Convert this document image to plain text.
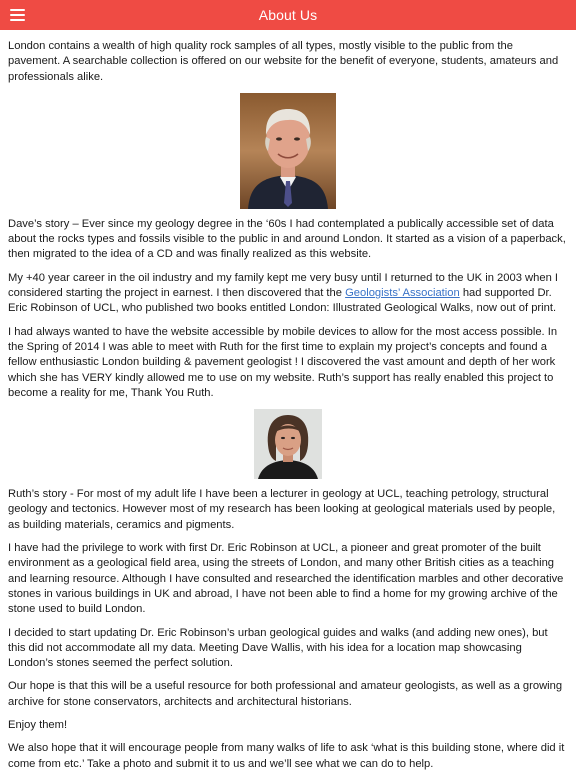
About Us

London contains a wealth of high quality rock samples of all types, mostly visible to the public from the pavement. A searchable collection is offered on our website for the benefit of everyone, students, amateurs and professionals alike.

Dave’s story – Ever since my geology degree in the ‘60s I had contemplated a publically accessible set of data about the rocks types and fossils visible to the public in and around London. It started as a vision of a paperback, then migrated to the idea of a CD and was finally realized as this website.

My +40 year career in the oil industry and my family kept me very busy until I returned to the UK in 2003 when I considered starting the project in earnest. I then discovered that the Geologists’ Association had supported Dr. Eric Robinson of UCL, who published two books entitled London: Illustrated Geological Walks, now out of print.

I had always wanted to have the website accessible by mobile devices to allow for the most access possible. In the Spring of 2014 I was able to meet with Ruth for the first time to explain my project’s concepts and found a fellow enthusiastic London building & pavement geologist ! I discovered the vast amount and depth of her work which she has VERY kindly allowed me to use on my website. Ruth’s support has really enabled this project to become a reality for me, Thank You Ruth.

Ruth’s story - For most of my adult life I have been a lecturer in geology at UCL, teaching petrology, structural geology and tectonics. However most of my research has been looking at geological materials used by people, as building materials, ceramics and pigments.

I have had the privilege to work with first Dr. Eric Robinson at UCL, a pioneer and great promoter of the built environment as a geological field area, using the streets of London, and many other British cities as a teaching and learning resource. Although I have consulted and researched the identification marbles and other decorative stones in various buildings in UK and abroad, I have not been able to find a home for my growing archive of the stone used to build London.

I decided to start updating Dr. Eric Robinson’s urban geological guides and walks (and adding new ones), but this did not accommodate all my data. Meeting Dave Wallis, with his idea for a location map showcasing London’s stones seemed the perfect solution.

Our hope is that this will be a useful resource for both professional and amateur geologists, as well as a growing archive for stone conservators, architects and architectural historians.

Enjoy them!

We also hope that it will encourage people from many walks of life to ask ‘what is this building stone, where did it come from etc.’ Take a photo and submit it to us and we’ll see what we can do to help.
